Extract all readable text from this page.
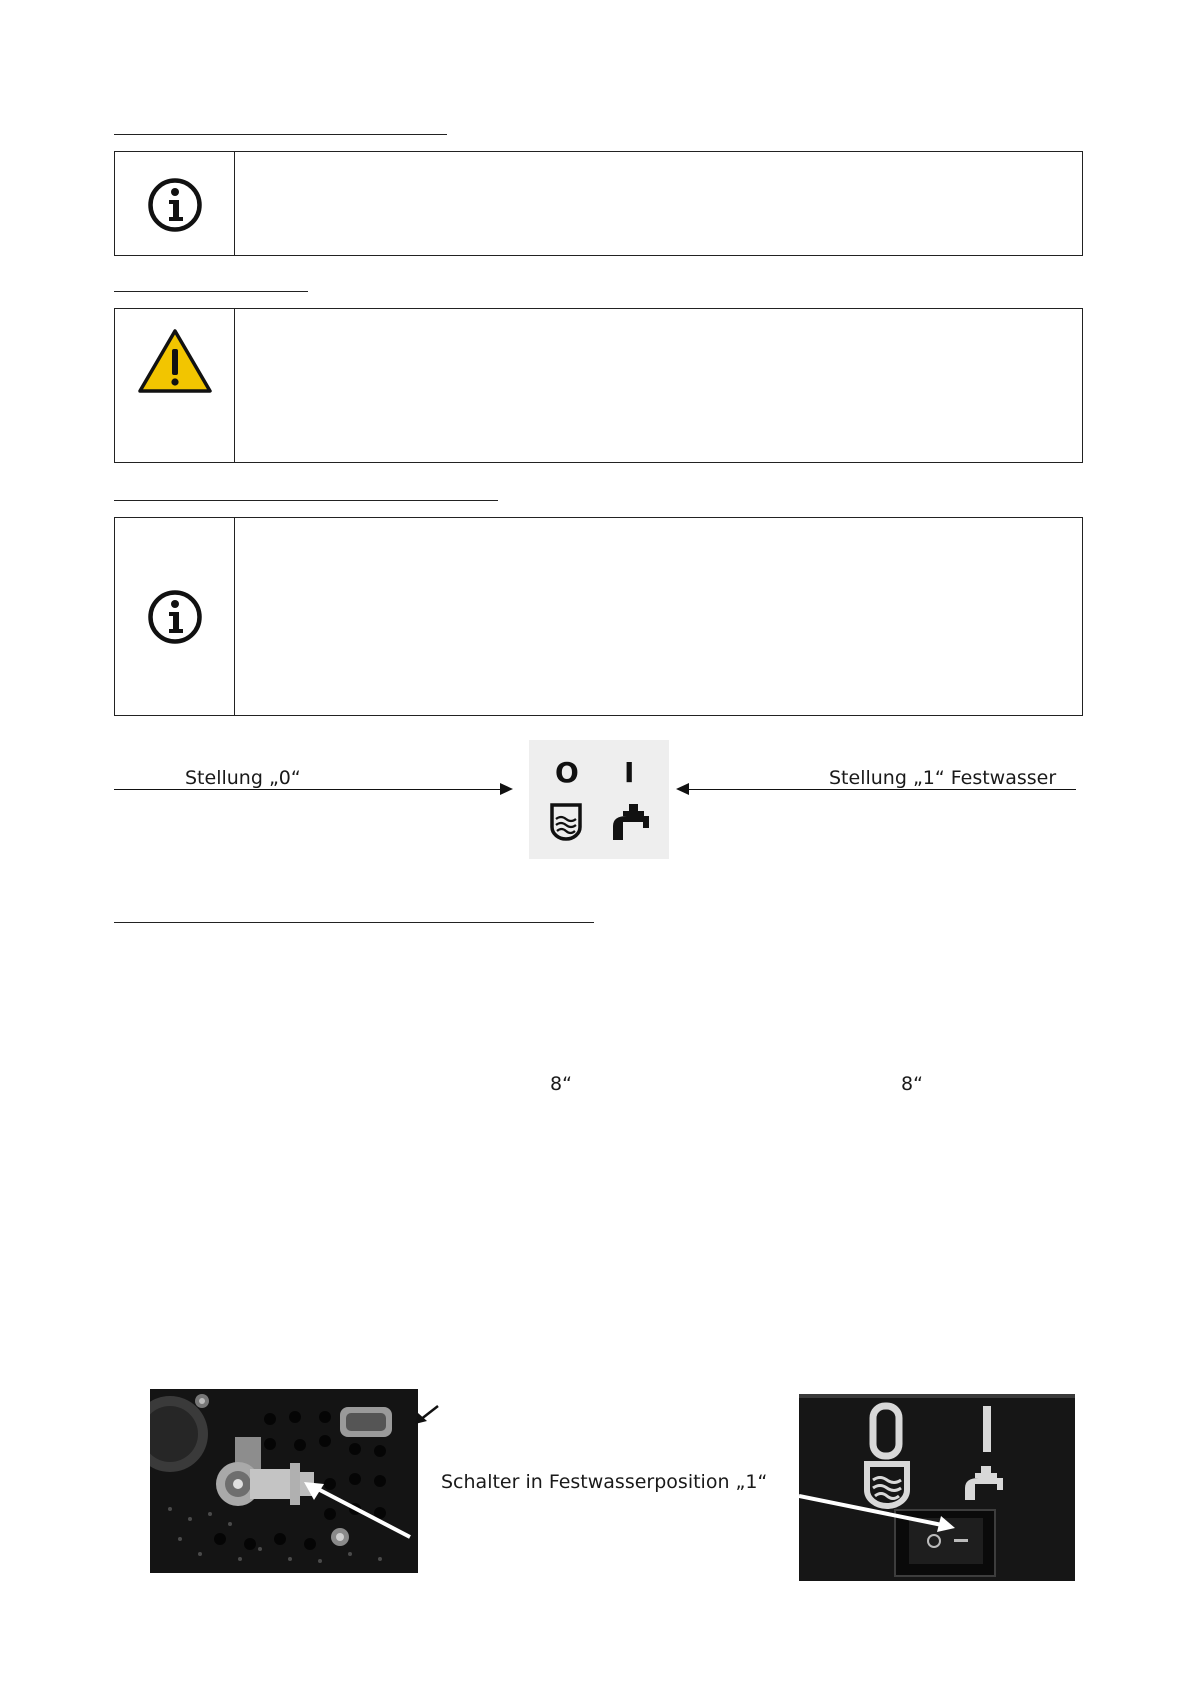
Stellung „0“	O I	Stellung „1“ Festwasser
8“	8“
Schalter in Festwasserposition „1“
